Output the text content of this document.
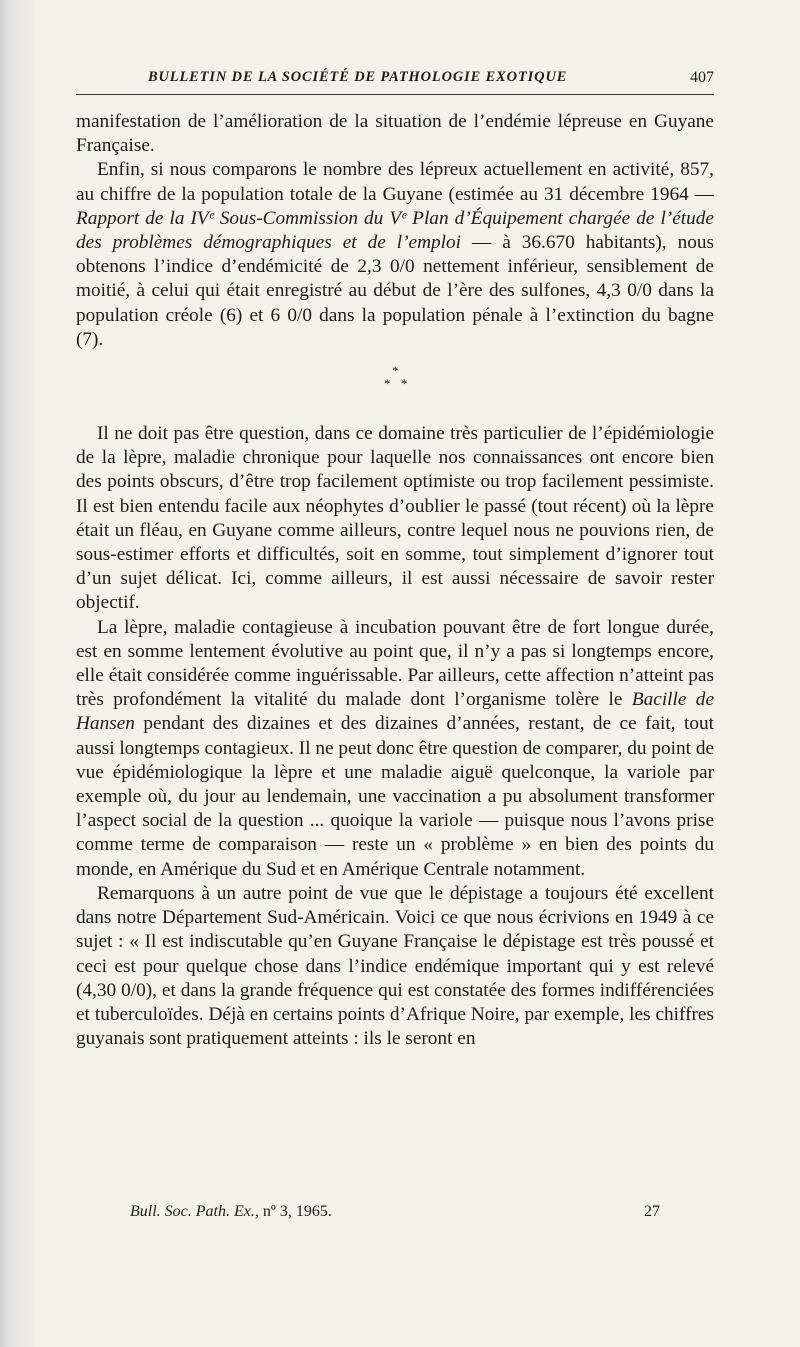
BULLETIN DE LA SOCIÉTÉ DE PATHOLOGIE EXOTIQUE	407

manifestation de l’amélioration de la situation de l’endémie lépreuse en Guyane Française.

Enfin, si nous comparons le nombre des lépreux actuellement en activité, 857, au chiffre de la population totale de la Guyane (estimée au 31 décembre 1964 — Rapport de la IVᵉ Sous-Commission du Vᵉ Plan d’Équipement chargée de l’étude des problèmes démographiques et de l’emploi — à 36.670 habitants), nous obtenons l’indice d’endémicité de 2,3 0/0 nettement inférieur, sensiblement de moitié, à celui qui était enregistré au début de l’ère des sulfones, 4,3 0/0 dans la population créole (6) et 6 0/0 dans la population pénale à l’extinction du bagne (7).

*
* *

Il ne doit pas être question, dans ce domaine très particulier de l’épidémiologie de la lèpre, maladie chronique pour laquelle nos connaissances ont encore bien des points obscurs, d’être trop facilement optimiste ou trop facilement pessimiste. Il est bien entendu facile aux néophytes d’oublier le passé (tout récent) où la lèpre était un fléau, en Guyane comme ailleurs, contre lequel nous ne pouvions rien, de sous-estimer efforts et difficultés, soit en somme, tout simplement d’ignorer tout d’un sujet délicat. Ici, comme ailleurs, il est aussi nécessaire de savoir rester objectif.

La lèpre, maladie contagieuse à incubation pouvant être de fort longue durée, est en somme lentement évolutive au point que, il n’y a pas si longtemps encore, elle était considérée comme inguérissable. Par ailleurs, cette affection n’atteint pas très profondément la vitalité du malade dont l’organisme tolère le Bacille de Hansen pendant des dizaines et des dizaines d’années, restant, de ce fait, tout aussi longtemps contagieux. Il ne peut donc être question de comparer, du point de vue épidémiologique la lèpre et une maladie aiguë quelconque, la variole par exemple où, du jour au lendemain, une vaccination a pu absolument transformer l’aspect social de la question ... quoique la variole — puisque nous l’avons prise comme terme de comparaison — reste un « problème » en bien des points du monde, en Amérique du Sud et en Amérique Centrale notamment.

Remarquons à un autre point de vue que le dépistage a toujours été excellent dans notre Département Sud-Américain. Voici ce que nous écrivions en 1949 à ce sujet : « Il est indiscutable qu’en Guyane Française le dépistage est très poussé et ceci est pour quelque chose dans l’indice endémique important qui y est relevé (4,30 0/0), et dans la grande fréquence qui est constatée des formes indifférenciées et tuberculoïdes. Déjà en certains points d’Afrique Noire, par exemple, les chiffres guyanais sont pratiquement atteints : ils le seront en

Bull. Soc. Path. Ex., nº 3, 1965.	27
